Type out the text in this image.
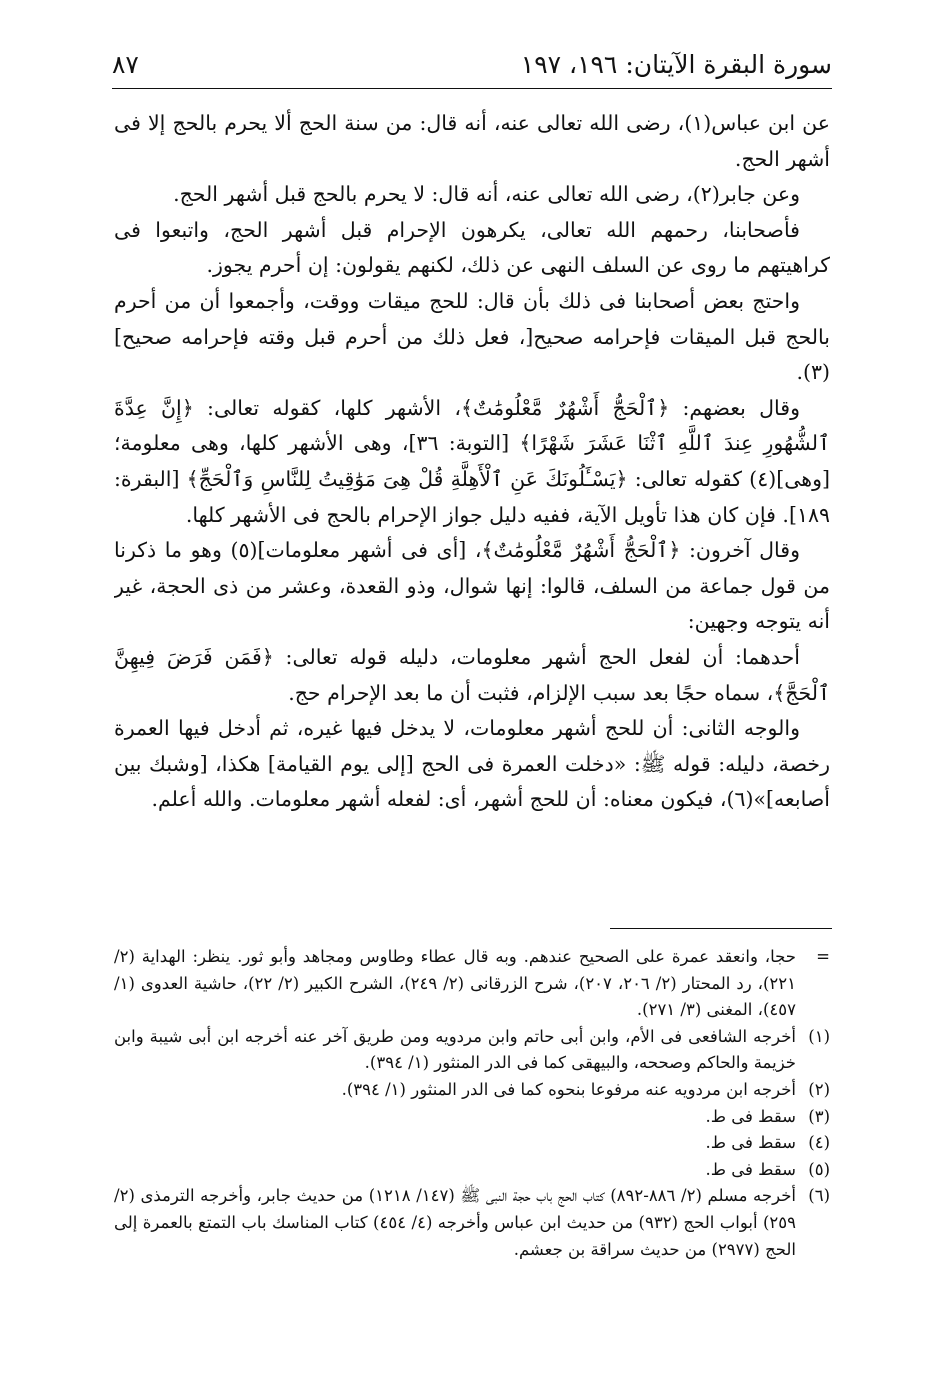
سورة البقرة الآيتان: ١٩٦، ١٩٧
٨٧

عن ابن عباس(١)، رضى الله تعالى عنه، أنه قال: من سنة الحج ألا يحرم بالحج إلا فى أشهر الحج.

وعن جابر(٢)، رضى الله تعالى عنه، أنه قال: لا يحرم بالحج قبل أشهر الحج.

فأصحابنا، رحمهم الله تعالى، يكرهون الإحرام قبل أشهر الحج، واتبعوا فى كراهيتهم ما روى عن السلف النهى عن ذلك، لكنهم يقولون: إن أحرم يجوز.

واحتج بعض أصحابنا فى ذلك بأن قال: للحج ميقات ووقت، وأجمعوا أن من أحرم بالحج قبل الميقات فإحرامه صحيح[، فعل ذلك من أحرم قبل وقته فإحرامه صحيح](٣).

وقال بعضهم: ﴿ٱلْحَجُّ أَشْهُرٌ مَّعْلُومَٰتٌ﴾، الأشهر كلها، كقوله تعالى: ﴿إِنَّ عِدَّةَ ٱلشُّهُورِ عِندَ ٱللَّهِ ٱثْنَا عَشَرَ شَهْرًا﴾ [التوبة: ٣٦]، وهى الأشهر كلها، وهى معلومة؛ [وهى](٤) كقوله تعالى: ﴿يَسْـَٔلُونَكَ عَنِ ٱلْأَهِلَّةِ قُلْ هِىَ مَوَٰقِيتُ لِلنَّاسِ وَٱلْحَجِّ﴾ [البقرة: ١٨٩]. فإن كان هذا تأويل الآية، ففيه دليل جواز الإحرام بالحج فى الأشهر كلها.

وقال آخرون: ﴿ٱلْحَجُّ أَشْهُرٌ مَّعْلُومَٰتٌ﴾، [أى فى أشهر معلومات](٥) وهو ما ذكرنا من قول جماعة من السلف، قالوا: إنها شوال، وذو القعدة، وعشر من ذى الحجة، غير أنه يتوجه وجهين:

أحدهما: أن لفعل الحج أشهر معلومات، دليله قوله تعالى: ﴿فَمَن فَرَضَ فِيهِنَّ ٱلْحَجَّ﴾، سماه حجًا بعد سبب الإلزام، فثبت أن ما بعد الإحرام حج.

والوجه الثانى: أن للحج أشهر معلومات، لا يدخل فيها غيره، ثم أدخل فيها العمرة رخصة، دليله: قوله ﷺ: «دخلت العمرة فى الحج [إلى يوم القيامة] هكذا، [وشبك بين أصابعه]»(٦)، فيكون معناه: أن للحج أشهر، أى: لفعله أشهر معلومات. والله أعلم.

=
حجا، وانعقد عمرة على الصحيح عندهم. وبه قال عطاء وطاوس ومجاهد وأبو ثور. ينظر: الهداية (٢/ ٢٢١)، رد المحتار (٢/ ٢٠٦، ٢٠٧)، شرح الزرقانى (٢/ ٢٤٩)، الشرح الكبير (٢/ ٢٢)، حاشية العدوى (١/ ٤٥٧)، المغنى (٣/ ٢٧١).
(١)
أخرجه الشافعى فى الأم، وابن أبى حاتم وابن مردويه ومن طريق آخر عنه أخرجه ابن أبى شيبة وابن خزيمة والحاكم وصححه، والبيهقى كما فى الدر المنثور (١/ ٣٩٤).
(٢)
أخرجه ابن مردويه عنه مرفوعا بنحوه كما فى الدر المنثور (١/ ٣٩٤).
(٣)
سقط فى ط.
(٤)
سقط فى ط.
(٥)
سقط فى ط.
(٦)
أخرجه مسلم (٢/ ٨٨٦-٨٩٢) كتاب الحج باب حجة النبى ﷺ (١٤٧/ ١٢١٨) من حديث جابر، وأخرجه الترمذى (٢/ ٢٥٩) أبواب الحج (٩٣٢) من حديث ابن عباس وأخرجه (٤/ ٤٥٤) كتاب المناسك باب التمتع بالعمرة إلى الحج (٢٩٧٧) من حديث سراقة بن جعشم.
